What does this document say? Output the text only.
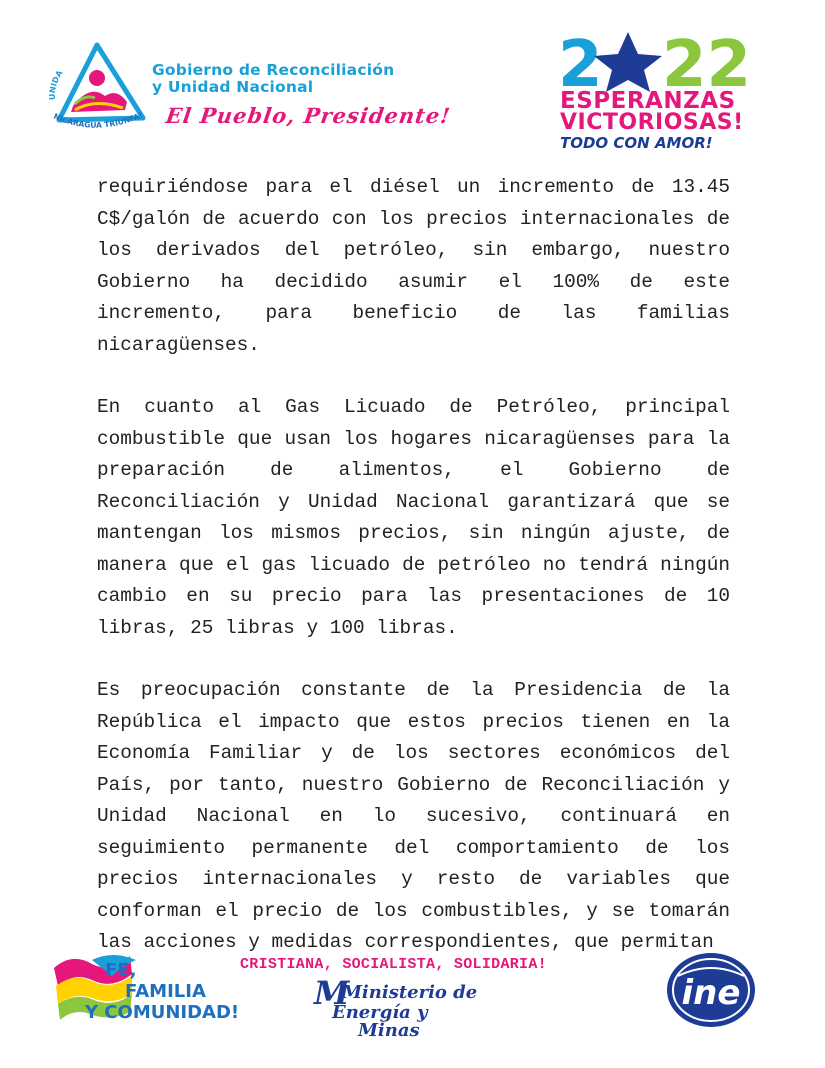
UNIDA
NICARAGUA TRIUNFA!
Gobierno de Reconciliación
y Unidad Nacional
El Pueblo, Presidente!
2 22
ESPERANZAS
VICTORIOSAS!
TODO CON AMOR!

requiriéndose para el diésel un incremento de 13.45 C$/galón de acuerdo con los precios internacionales de los derivados del petróleo, sin embargo, nuestro Gobierno ha decidido asumir el 100% de este incremento, para beneficio de las familias nicaragüenses.

En cuanto al Gas Licuado de Petróleo, principal combustible que usan los hogares nicaragüenses para la preparación de alimentos, el Gobierno de Reconciliación y Unidad Nacional garantizará que se mantengan los mismos precios, sin ningún ajuste, de manera que el gas licuado de petróleo no tendrá ningún cambio en su precio para las presentaciones de 10 libras, 25 libras y 100 libras.

Es preocupación constante de la Presidencia de la República el impacto que estos precios tienen en la Economía Familiar y de los sectores económicos del País, por tanto, nuestro Gobierno de Reconciliación y Unidad Nacional en lo sucesivo, continuará en seguimiento permanente del comportamiento de los precios internacionales y resto de variables que conforman el precio de los combustibles, y se tomarán las acciones y medidas correspondientes, que permitan

FE,
FAMILIA
Y COMUNIDAD!
CRISTIANA, SOCIALISTA, SOLIDARIA!
M
Ministerio de
Energía y
Minas
ine
